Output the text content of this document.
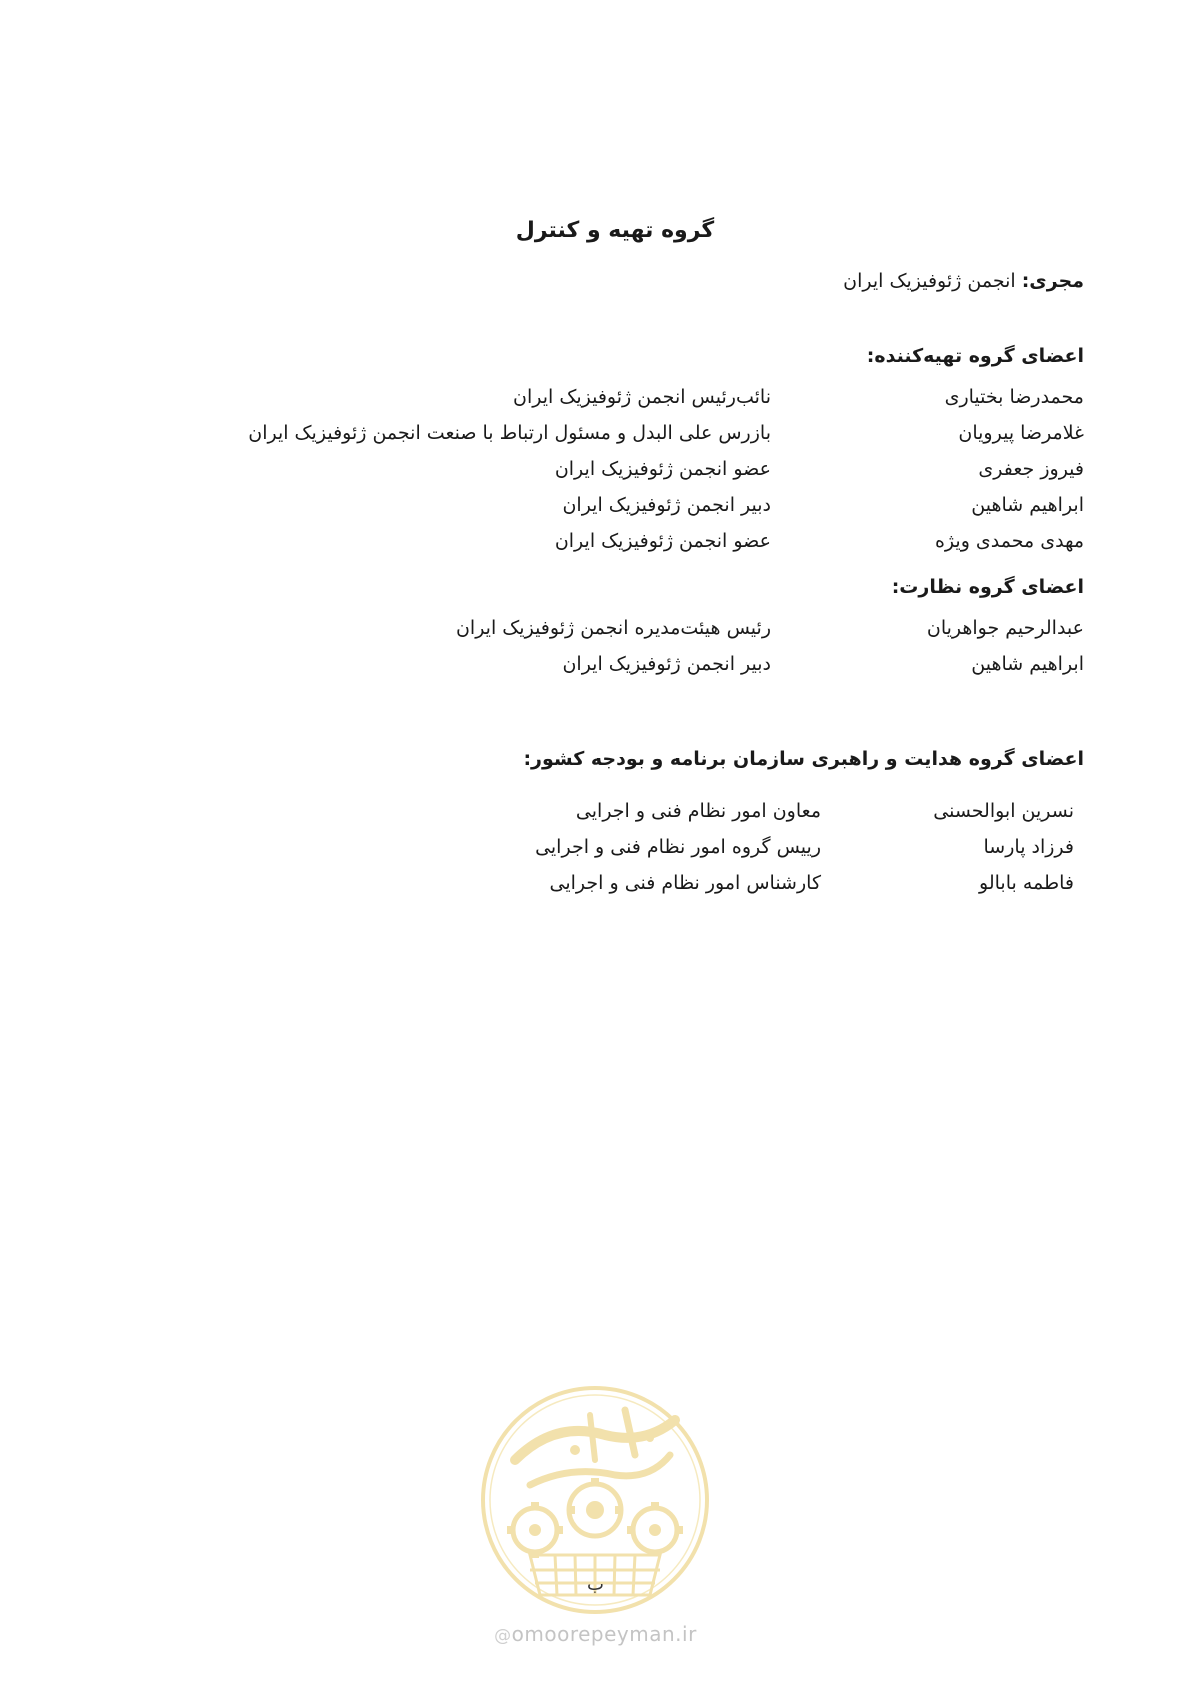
گروه تهیه و کنترل
مجری: انجمن ژئوفیزیک ایران
اعضای گروه تهیه‌کننده:
محمدرضا بختیاری
نائب‌رئیس انجمن ژئوفیزیک ایران
غلامرضا پیرویان
بازرس علی البدل و مسئول ارتباط با صنعت انجمن ژئوفیزیک ایران
فیروز جعفری
عضو انجمن ژئوفیزیک ایران
ابراهیم شاهین
دبیر انجمن ژئوفیزیک ایران
مهدی محمدی ویژه
عضو انجمن ژئوفیزیک ایران
اعضای گروه نظارت:
عبدالرحیم جواهریان
رئیس هیئت‌مدیره انجمن ژئوفیزیک ایران
ابراهیم شاهین
دبیر انجمن ژئوفیزیک ایران
اعضای گروه هدایت و راهبری سازمان برنامه و بودجه کشور:
نسرین ابوالحسنی
معاون امور نظام فنی و اجرایی
فرزاد پارسا
رییس گروه امور نظام فنی و اجرایی
فاطمه بابالو
کارشناس امور نظام فنی و اجرایی
ب
@omoorepeyman.ir
